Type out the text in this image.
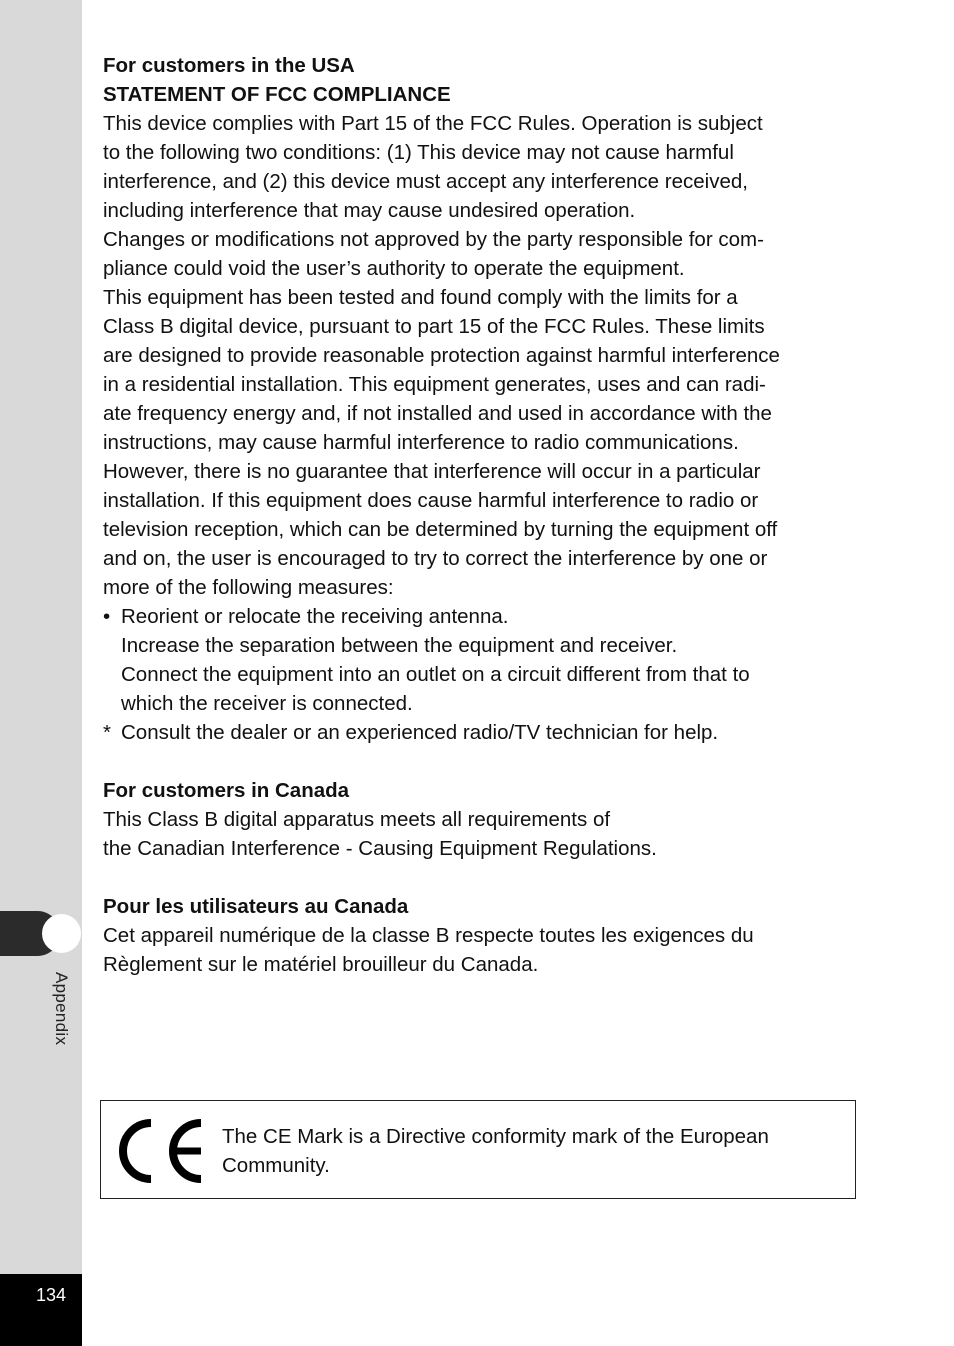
Appendix
134

For customers in the USA

STATEMENT OF FCC COMPLIANCE

This device complies with Part 15 of the FCC Rules. Operation is subject

to the following two conditions: (1) This device may not cause harmful

interference, and (2) this device must accept any interference received,

including interference that may cause undesired operation.

Changes or modifications not approved by the party responsible for com-

pliance could void the user’s authority to operate the equipment.

This equipment has been tested and found comply with the limits for a

Class B digital device, pursuant to part 15 of the FCC Rules. These limits

are designed to provide reasonable protection against harmful interference

in a residential installation. This equipment generates, uses and can radi-

ate frequency energy and, if not installed and used in accordance with the

instructions, may cause harmful interference to radio communications.

However, there is no guarantee that interference will occur in a particular

installation. If this equipment does cause harmful interference to radio or

television reception, which can be determined by turning the equipment off

and on, the user is encouraged to try to correct the interference by one or

more of the following measures:

• Reorient or relocate the receiving antenna.

Increase the separation between the equipment and receiver.

Connect the equipment into an outlet on a circuit different from that to

which the receiver is connected.

* Consult the dealer or an experienced radio/TV technician for help.

For customers in Canada

This Class B digital apparatus meets all requirements of

the Canadian Interference - Causing Equipment Regulations.

Pour les utilisateurs au Canada

Cet appareil numérique de la classe B respecte toutes les exigences du

Règlement sur le matériel brouilleur du Canada.

The CE Mark is a Directive conformity mark of the European

Community.
